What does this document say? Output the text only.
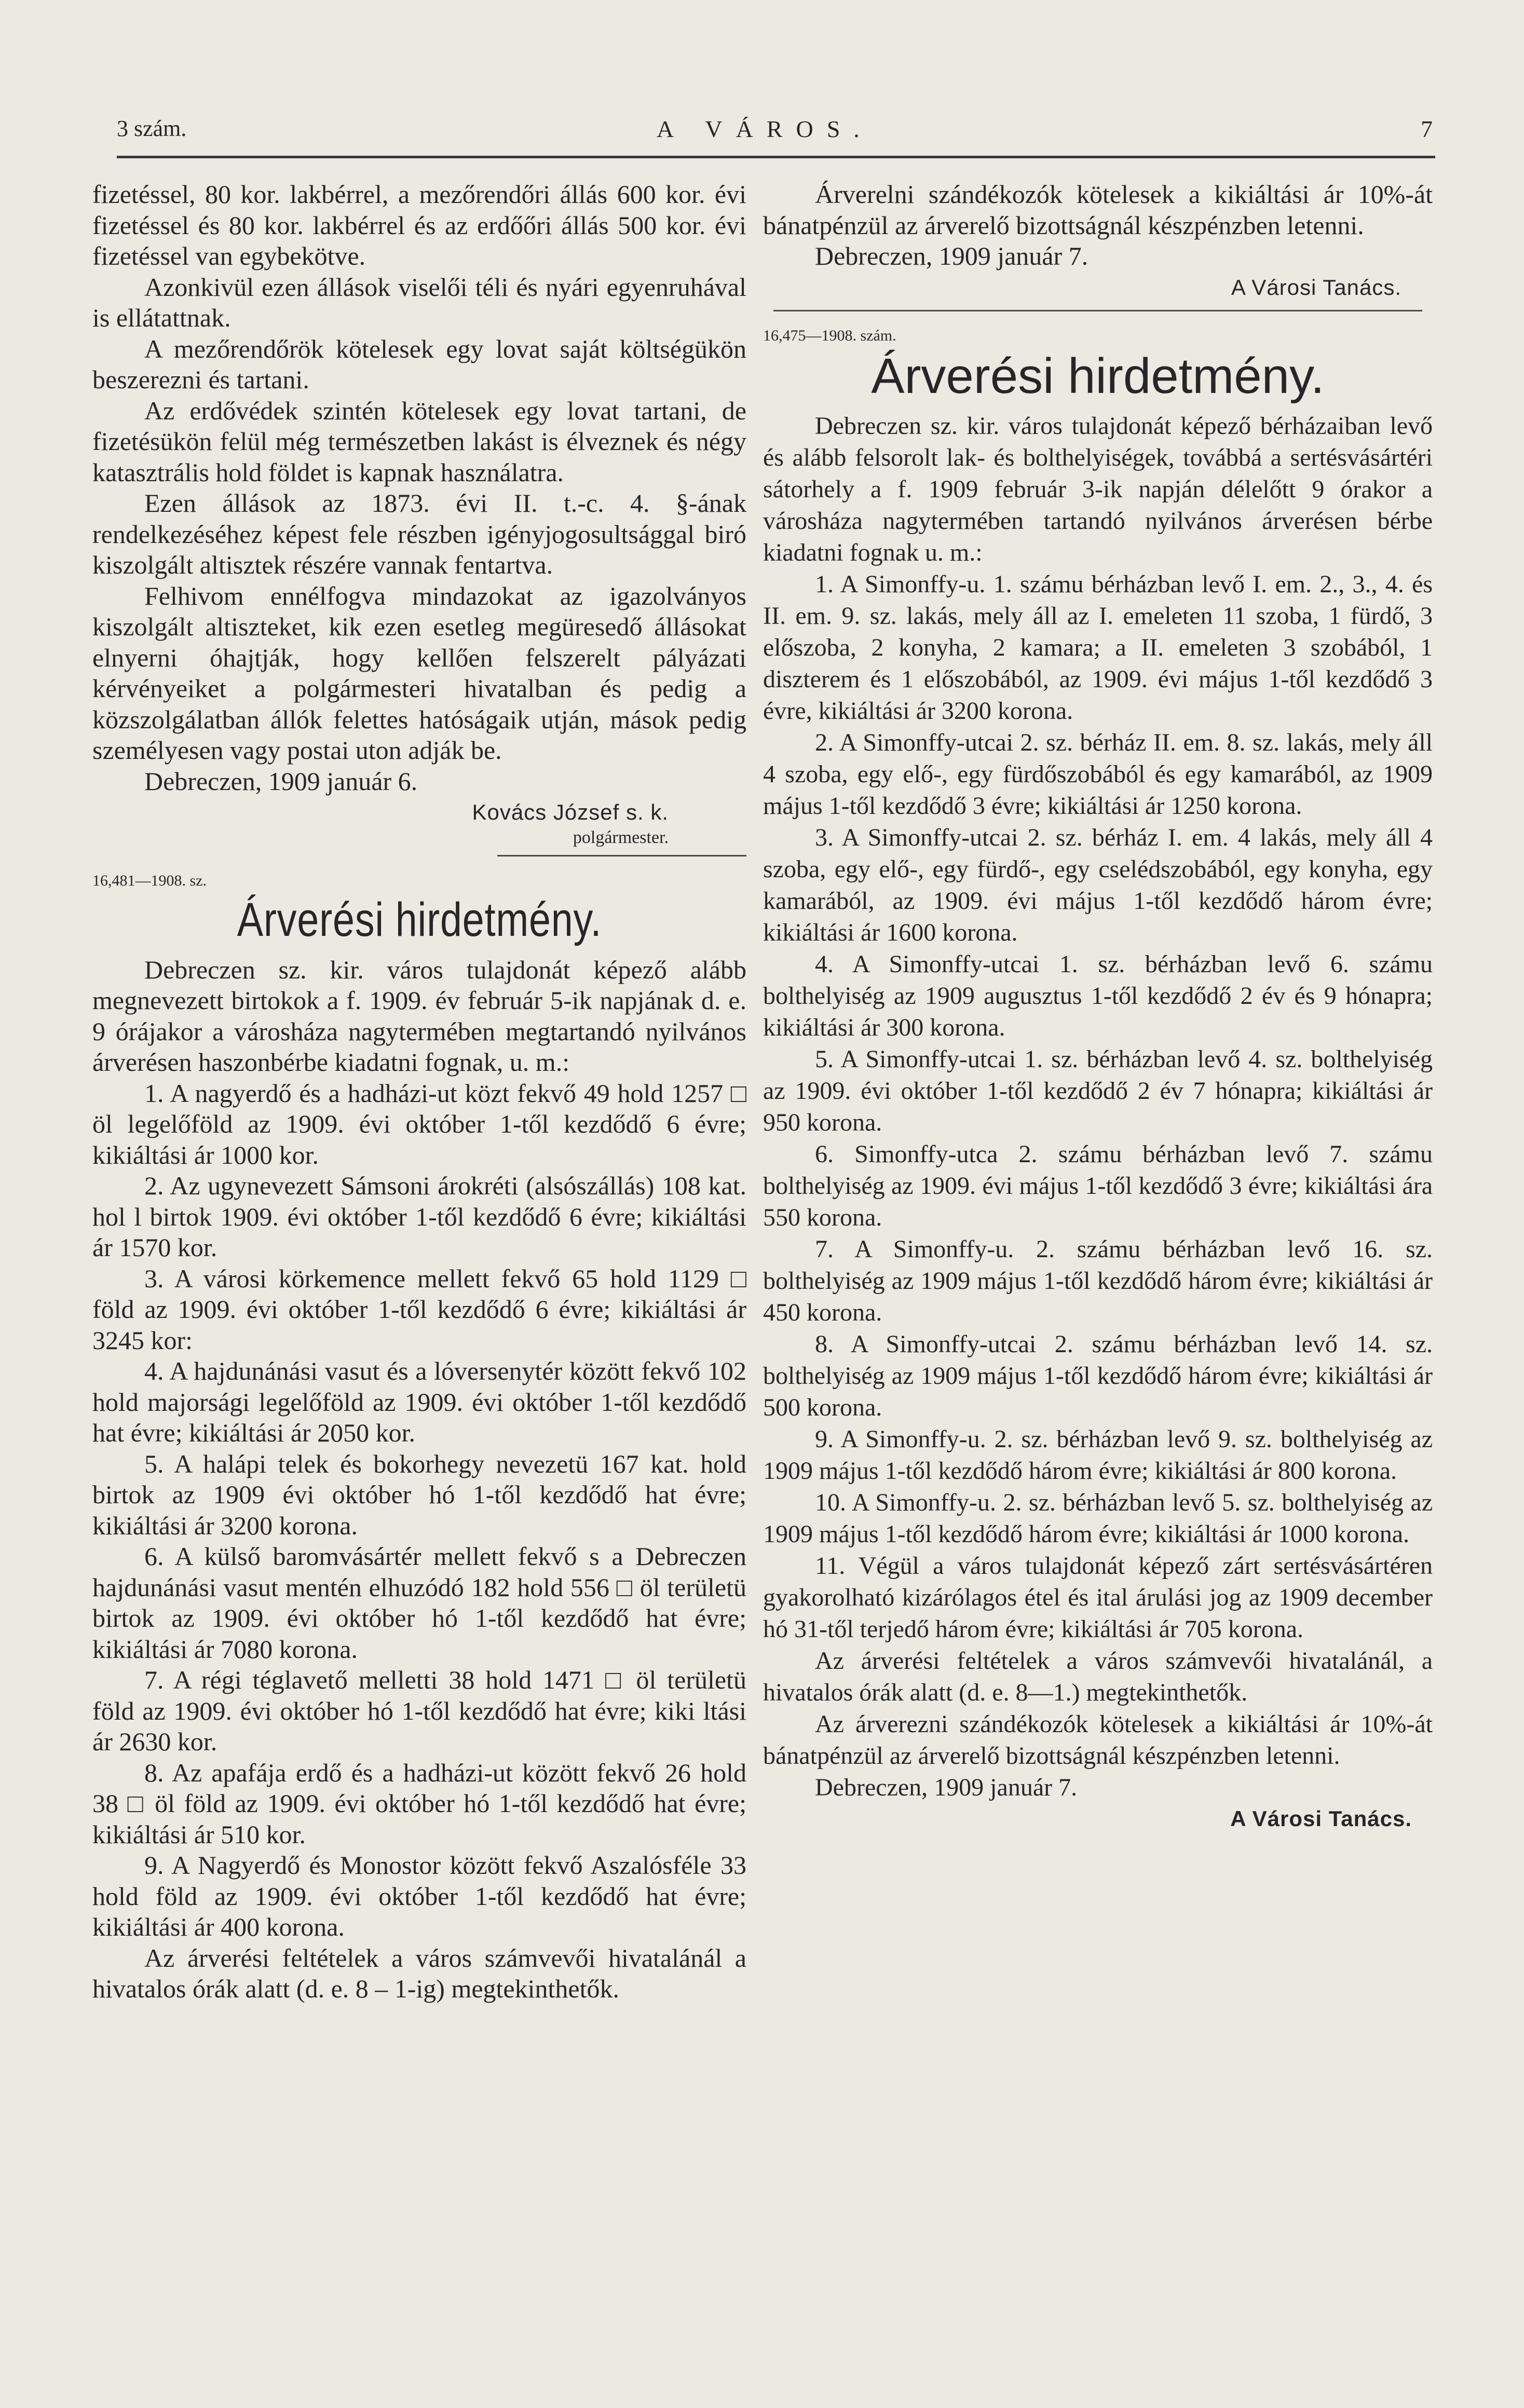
3 szám.	A VÁROS.	7

fizetéssel, 80 kor. lakbérrel, a mezőrendőri állás 600 kor. évi fizetéssel és 80 kor. lakbérrel és az erdőőri állás 500 kor. évi fizetéssel van egybekötve.

Azonkivül ezen állások viselői téli és nyári egyenruhával is ellátattnak.

A mezőrendőrök kötelesek egy lovat saját költségükön beszerezni és tartani.

Az erdővédek szintén kötelesek egy lovat tartani, de fizetésükön felül még természetben lakást is élveznek és négy katasztrális hold földet is kapnak használatra.

Ezen állások az 1873. évi II. t.-c. 4. §-ának rendelkezéséhez képest fele részben igényjogosultsággal biró kiszolgált altisztek részére vannak fentartva.

Felhivom ennélfogva mindazokat az igazolványos kiszolgált altiszteket, kik ezen esetleg megüresedő állásokat elnyerni óhajtják, hogy kellően felszerelt pályázati kérvényeiket a polgármesteri hivatalban és pedig a közszolgálatban állók felettes hatóságaik utján, mások pedig személyesen vagy postai uton adják be.

Debreczen, 1909 január 6.

Kovács József s. k.

polgármester.

16,481—1908. sz.

Árverési hirdetmény.

Debreczen sz. kir. város tulajdonát képező alább megnevezett birtokok a f. 1909. év február 5-ik napjának d. e. 9 órájakor a városháza nagytermében megtartandó nyilvános árverésen haszonbérbe kiadatni fognak, u. m.:

1. A nagyerdő és a hadházi-ut közt fekvő 49 hold 1257 □ öl legelőföld az 1909. évi október 1-től kezdődő 6 évre; kikiáltási ár 1000 kor.

2. Az ugynevezett Sámsoni árokréti (alsószállás) 108 kat. hol l birtok 1909. évi október 1-től kezdődő 6 évre; kikiáltási ár 1570 kor.

3. A városi körkemence mellett fekvő 65 hold 1129 □ föld az 1909. évi október 1-től kezdődő 6 évre; kikiáltási ár 3245 kor:

4. A hajdunánási vasut és a lóversenytér között fekvő 102 hold majorsági legelőföld az 1909. évi október 1-től kezdődő hat évre; kikiáltási ár 2050 kor.

5. A halápi telek és bokorhegy nevezetü 167 kat. hold birtok az 1909 évi október hó 1-től kezdődő hat évre; kikiáltási ár 3200 korona.

6. A külső baromvásártér mellett fekvő s a Debreczen hajdunánási vasut mentén elhuzódó 182 hold 556 □ öl területü birtok az 1909. évi október hó 1-től kezdődő hat évre; kikiáltási ár 7080 korona.

7. A régi téglavető melletti 38 hold 1471 □ öl területü föld az 1909. évi október hó 1-től kezdődő hat évre; kiki ltási ár 2630 kor.

8. Az apafája erdő és a hadházi-ut között fekvő 26 hold 38 □ öl föld az 1909. évi október hó 1-től kezdődő hat évre; kikiáltási ár 510 kor.

9. A Nagyerdő és Monostor között fekvő Aszalósféle 33 hold föld az 1909. évi október 1-től kezdődő hat évre; kikiáltási ár 400 korona.

Az árverési feltételek a város számvevői hivatalánál a hivatalos órák alatt (d. e. 8 – 1-ig) megtekinthetők.

Árverelni szándékozók kötelesek a kikiáltási ár 10%-át bánatpénzül az árverelő bizottságnál készpénzben letenni.

Debreczen, 1909 január 7.

A Városi Tanács.

16,475—1908. szám.

Árverési hirdetmény.

Debreczen sz. kir. város tulajdonát képező bérházaiban levő és alább felsorolt lak- és bolthelyiségek, továbbá a sertésvásártéri sátorhely a f. 1909 február 3-ik napján délelőtt 9 órakor a városháza nagytermében tartandó nyilvános árverésen bérbe kiadatni fognak u. m.:

1. A Simonffy-u. 1. számu bérházban levő I. em. 2., 3., 4. és II. em. 9. sz. lakás, mely áll az I. emeleten 11 szoba, 1 fürdő, 3 előszoba, 2 konyha, 2 kamara; a II. emeleten 3 szobából, 1 diszterem és 1 előszobából, az 1909. évi május 1-től kezdődő 3 évre, kikiáltási ár 3200 korona.

2. A Simonffy-utcai 2. sz. bérház II. em. 8. sz. lakás, mely áll 4 szoba, egy elő-, egy fürdőszobából és egy kamarából, az 1909 május 1-től kezdődő 3 évre; kikiáltási ár 1250 korona.

3. A Simonffy-utcai 2. sz. bérház I. em. 4 lakás, mely áll 4 szoba, egy elő-, egy fürdő-, egy cselédszobából, egy konyha, egy kamarából, az 1909. évi május 1-től kezdődő három évre; kikiáltási ár 1600 korona.

4. A Simonffy-utcai 1. sz. bérházban levő 6. számu bolthelyiség az 1909 augusztus 1-től kezdődő 2 év és 9 hónapra; kikiáltási ár 300 korona.

5. A Simonffy-utcai 1. sz. bérházban levő 4. sz. bolthelyiség az 1909. évi október 1-től kezdődő 2 év 7 hónapra; kikiáltási ár 950 korona.

6. Simonffy-utca 2. számu bérházban levő 7. számu bolthelyiség az 1909. évi május 1-től kezdődő 3 évre; kikiáltási ára 550 korona.

7. A Simonffy-u. 2. számu bérházban levő 16. sz. bolthelyiség az 1909 május 1-től kezdődő három évre; kikiáltási ár 450 korona.

8. A Simonffy-utcai 2. számu bérházban levő 14. sz. bolthelyiség az 1909 május 1-től kezdődő három évre; kikiáltási ár 500 korona.

9. A Simonffy-u. 2. sz. bérházban levő 9. sz. bolthelyiség az 1909 május 1-től kezdődő három évre; kikiáltási ár 800 korona.

10. A Simonffy-u. 2. sz. bérházban levő 5. sz. bolthelyiség az 1909 május 1-től kezdődő három évre; kikiáltási ár 1000 korona.

11. Végül a város tulajdonát képező zárt sertésvásártéren gyakorolható kizárólagos étel és ital árulási jog az 1909 december hó 31-től terjedő három évre; kikiáltási ár 705 korona.

Az árverési feltételek a város számvevői hivatalánál, a hivatalos órák alatt (d. e. 8—1.) megtekinthetők.

Az árverezni szándékozók kötelesek a kikiáltási ár 10%-át bánatpénzül az árverelő bizottságnál készpénzben letenni.

Debreczen, 1909 január 7.

A Városi Tanács.
